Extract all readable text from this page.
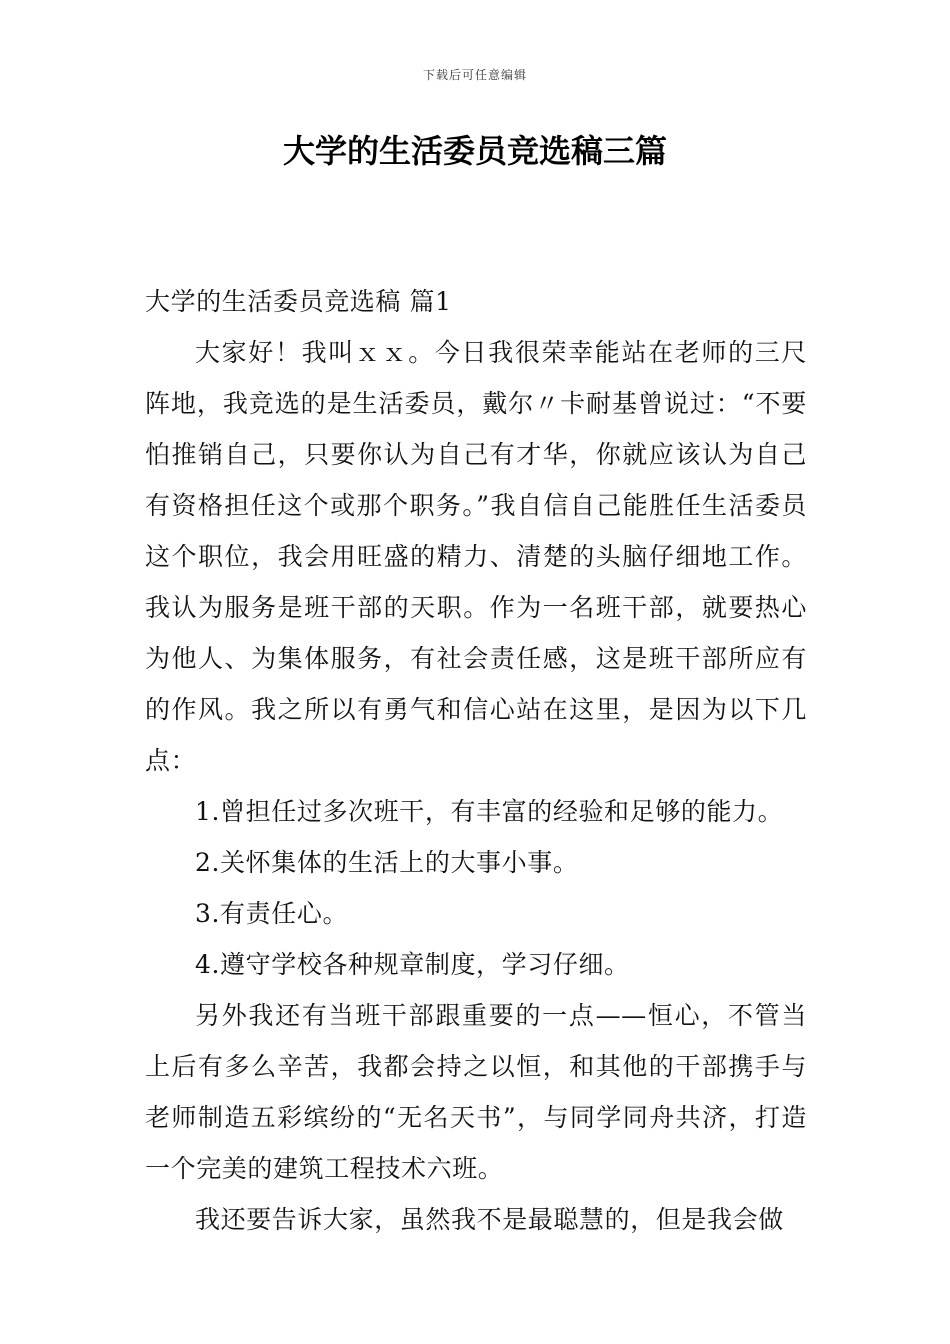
下载后可任意编辑
大学的生活委员竞选稿三篇

大学的生活委员竞选稿 篇1

大家好！我叫ｘｘ。今日我很荣幸能站在老师的三尺阵地，我竞选的是生活委员，戴尔〃卡耐基曾说过：“不要怕推销自己，只要你认为自己有才华，你就应该认为自己有资格担任这个或那个职务。”我自信自己能胜任生活委员这个职位，我会用旺盛的精力、清楚的头脑仔细地工作。我认为服务是班干部的天职。作为一名班干部，就要热心为他人、为集体服务，有社会责任感，这是班干部所应有的作风。我之所以有勇气和信心站在这里，是因为以下几点：

1.曾担任过多次班干，有丰富的经验和足够的能力。

2.关怀集体的生活上的大事小事。

3.有责任心。

4.遵守学校各种规章制度，学习仔细。

另外我还有当班干部跟重要的一点——恒心，不管当上后有多么辛苦，我都会持之以恒，和其他的干部携手与老师制造五彩缤纷的“无名天书”，与同学同舟共济，打造一个完美的建筑工程技术六班。

我还要告诉大家，虽然我不是最聪慧的，但是我会做
